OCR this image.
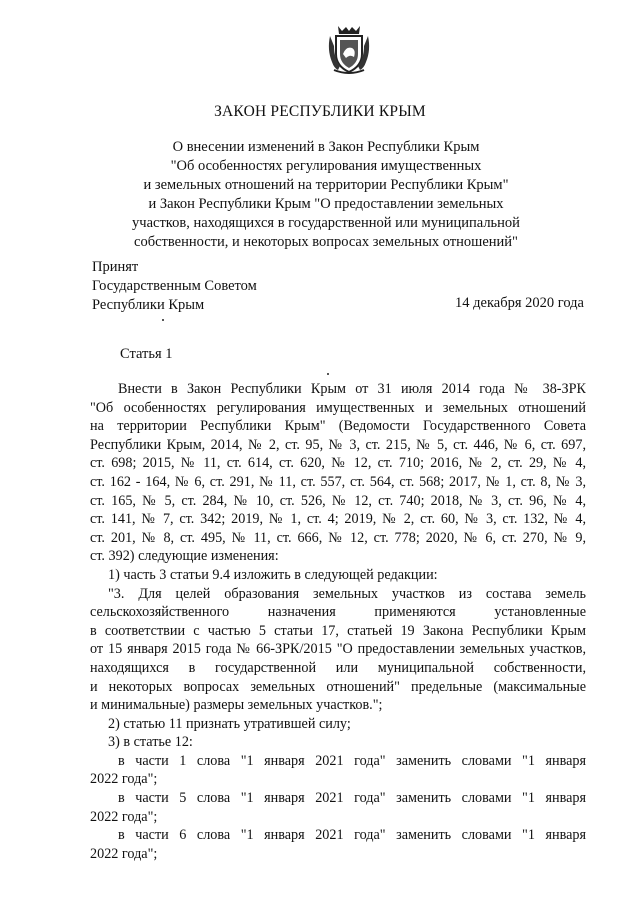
ЗАКОН РЕСПУБЛИКИ КРЫМ
О внесении изменений в Закон Республики Крым
"Об особенностях регулирования имущественных
и земельных отношений на территории Республики Крым"
и Закон Республики Крым "О предоставлении земельных
участков, находящихся в государственной или муниципальной
собственности, и некоторых вопросах земельных отношений"
Принят
Государственным Советом
Республики Крым	14 декабря 2020 года
Статья 1
Внести в Закон Республики Крым от 31 июля 2014 года № 38-ЗРК
"Об особенностях регулирования имущественных и земельных отношений
на территории Республики Крым" (Ведомости Государственного Совета
Республики Крым, 2014, № 2, ст. 95, № 3, ст. 215, № 5, ст. 446, № 6, ст. 697,
ст. 698; 2015, № 11, ст. 614, ст. 620, № 12, ст. 710; 2016, № 2, ст. 29, № 4,
ст. 162 - 164, № 6, ст. 291, № 11, ст. 557, ст. 564, ст. 568; 2017, № 1, ст. 8, № 3,
ст. 165, № 5, ст. 284, № 10, ст. 526, № 12, ст. 740; 2018, № 3, ст. 96, № 4,
ст. 141, № 7, ст. 342; 2019, № 1, ст. 4; 2019, № 2, ст. 60, № 3, ст. 132, № 4,
ст. 201, № 8, ст. 495, № 11, ст. 666, № 12, ст. 778; 2020, № 6, ст. 270, № 9,
ст. 392) следующие изменения:
1) часть 3 статьи 9.4 изложить в следующей редакции:
"3. Для целей образования земельных участков из состава земель
сельскохозяйственного назначения применяются установленные
в соответствии с частью 5 статьи 17, статьей 19 Закона Республики Крым
от 15 января 2015 года № 66-ЗРК/2015 "О предоставлении земельных участков,
находящихся в государственной или муниципальной собственности,
и некоторых вопросах земельных отношений" предельные (максимальные
и минимальные) размеры земельных участков.";
2) статью 11 признать утратившей силу;
3) в статье 12:
в части 1 слова "1 января 2021 года" заменить словами "1 января
2022 года";
в части 5 слова "1 января 2021 года" заменить словами "1 января
2022 года";
в части 6 слова "1 января 2021 года" заменить словами "1 января
2022 года";
